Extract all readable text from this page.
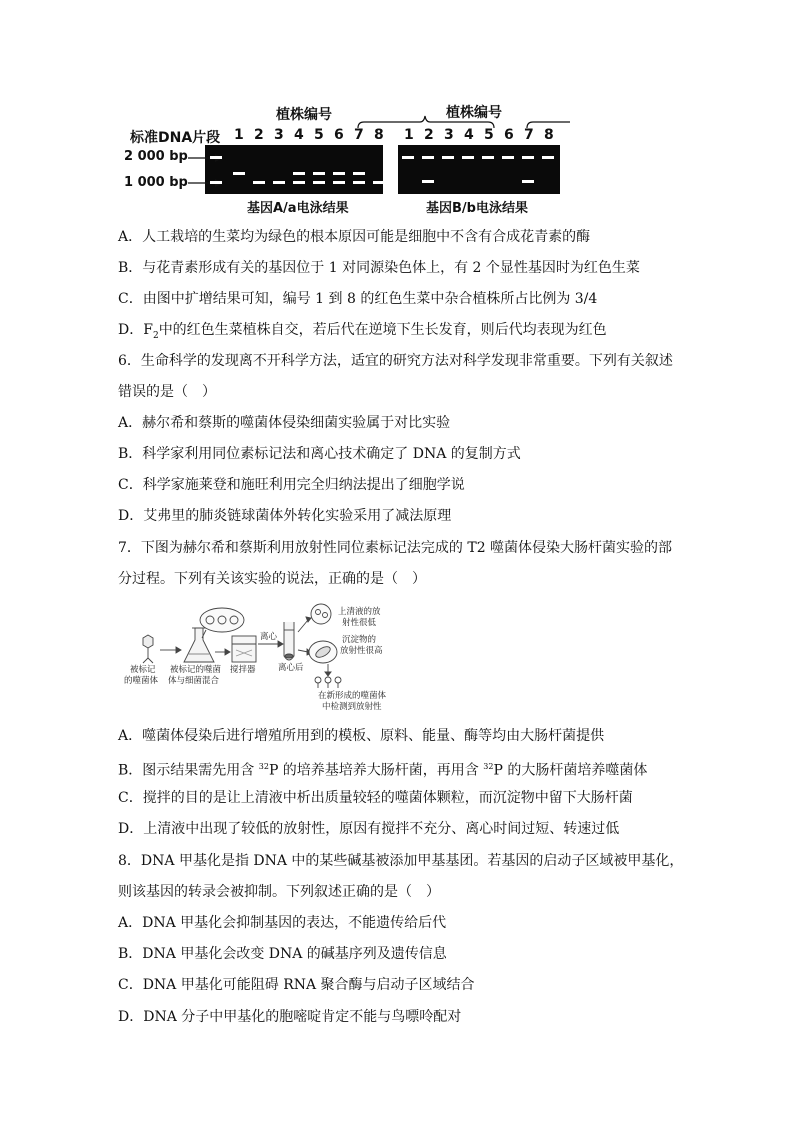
植株编号	植株编号
标准DNA片段 1 2 3 4 5 6 7 8 1 2 3 4 5 6 7 8
2 000 bp
1 000 bp
基因A/a电泳结果	基因B/b电泳结果
A．人工栽培的生菜均为绿色的根本原因可能是细胞中不含有合成花青素的酶
B．与花青素形成有关的基因位于 1 对同源染色体上，有 2 个显性基因时为红色生菜
C．由图中扩增结果可知，编号 1 到 8 的红色生菜中杂合植株所占比例为 3/4
D．$F_2$中的红色生菜植株自交，若后代在逆境下生长发育，则后代均表现为红色
6．生命科学的发现离不开科学方法，适宜的研究方法对科学发现非常重要。下列有关叙述
错误的是（　）
A．赫尔希和蔡斯的噬菌体侵染细菌实验属于对比实验
B．科学家利用同位素标记法和离心技术确定了 DNA 的复制方式
C．科学家施莱登和施旺利用完全归纳法提出了细胞学说
D．艾弗里的肺炎链球菌体外转化实验采用了减法原理
7．下图为赫尔希和蔡斯利用放射性同位素标记法完成的 T2 噬菌体侵染大肠杆菌实验的部
分过程。下列有关该实验的说法，正确的是（　）
被标记
的噬菌体
被标记的噬菌
体与细菌混合
搅拌器
离心
离心后
上清液的放
射性很低
沉淀物的
放射性很高
在新形成的噬菌体
中检测到放射性
A．噬菌体侵染后进行增殖所用到的模板、原料、能量、酶等均由大肠杆菌提供
B．图示结果需先用含 $^{32}$P 的培养基培养大肠杆菌，再用含 $^{32}$P 的大肠杆菌培养噬菌体
C．搅拌的目的是让上清液中析出质量较轻的噬菌体颗粒，而沉淀物中留下大肠杆菌
D．上清液中出现了较低的放射性，原因有搅拌不充分、离心时间过短、转速过低
8．DNA 甲基化是指 DNA 中的某些碱基被添加甲基基团。若基因的启动子区域被甲基化，
则该基因的转录会被抑制。下列叙述正确的是（　）
A．DNA 甲基化会抑制基因的表达，不能遗传给后代
B．DNA 甲基化会改变 DNA 的碱基序列及遗传信息
C．DNA 甲基化可能阻碍 RNA 聚合酶与启动子区域结合
D．DNA 分子中甲基化的胞嘧啶肯定不能与鸟嘌呤配对
